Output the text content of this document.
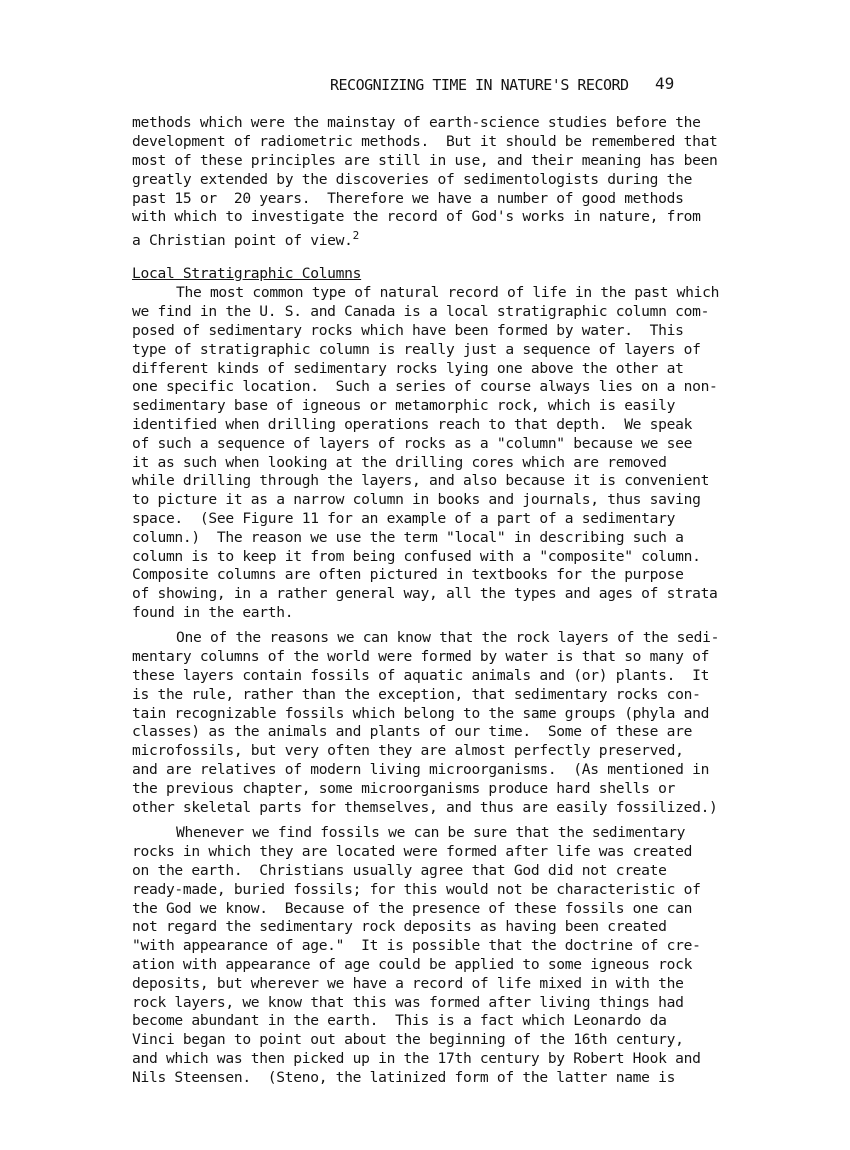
RECOGNIZING TIME IN NATURE'S RECORD 49
methods which were the mainstay of earth-science studies before the
development of radiometric methods.  But it should be remembered that
most of these principles are still in use, and their meaning has been
greatly extended by the discoveries of sedimentologists during the
past 15 or  20 years.  Therefore we have a number of good methods
with which to investigate the record of God's works in nature, from
a Christian point of view.$^2$
Local Stratigraphic Columns
The most common type of natural record of life in the past which
we find in the U. S. and Canada is a local stratigraphic column com-
posed of sedimentary rocks which have been formed by water.  This
type of stratigraphic column is really just a sequence of layers of
different kinds of sedimentary rocks lying one above the other at
one specific location.  Such a series of course always lies on a non-
sedimentary base of igneous or metamorphic rock, which is easily
identified when drilling operations reach to that depth.  We speak
of such a sequence of layers of rocks as a "column" because we see
it as such when looking at the drilling cores which are removed
while drilling through the layers, and also because it is convenient
to picture it as a narrow column in books and journals, thus saving
space.  (See Figure 11 for an example of a part of a sedimentary
column.)  The reason we use the term "local" in describing such a
column is to keep it from being confused with a "composite" column.
Composite columns are often pictured in textbooks for the purpose
of showing, in a rather general way, all the types and ages of strata
found in the earth.
One of the reasons we can know that the rock layers of the sedi-
mentary columns of the world were formed by water is that so many of
these layers contain fossils of aquatic animals and (or) plants.  It
is the rule, rather than the exception, that sedimentary rocks con-
tain recognizable fossils which belong to the same groups (phyla and
classes) as the animals and plants of our time.  Some of these are
microfossils, but very often they are almost perfectly preserved,
and are relatives of modern living microorganisms.  (As mentioned in
the previous chapter, some microorganisms produce hard shells or
other skeletal parts for themselves, and thus are easily fossilized.)
Whenever we find fossils we can be sure that the sedimentary
rocks in which they are located were formed after life was created
on the earth.  Christians usually agree that God did not create
ready-made, buried fossils; for this would not be characteristic of
the God we know.  Because of the presence of these fossils one can
not regard the sedimentary rock deposits as having been created
"with appearance of age."  It is possible that the doctrine of cre-
ation with appearance of age could be applied to some igneous rock
deposits, but wherever we have a record of life mixed in with the
rock layers, we know that this was formed after living things had
become abundant in the earth.  This is a fact which Leonardo da
Vinci began to point out about the beginning of the 16th century,
and which was then picked up in the 17th century by Robert Hook and
Nils Steensen.  (Steno, the latinized form of the latter name is
